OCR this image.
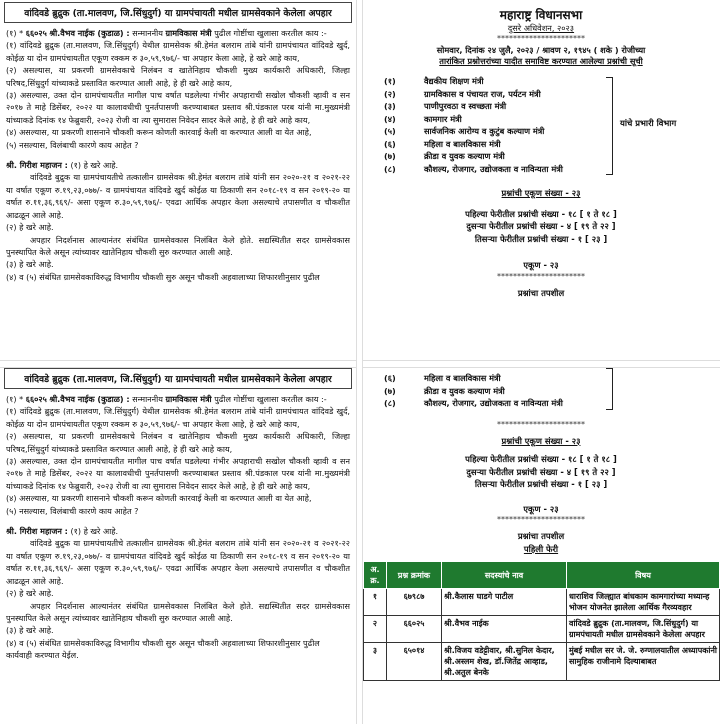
वांदिवडे ब्रुद्रुक (ता.मालवण, जि.सिंधुदुर्ग) या ग्रामपंचायती मधील ग्रामसेवकाने केलेला अपहार

(१) * ६६०२५ श्री.वैभव नाईक (कुडाळ) : सन्माननीय ग्रामविकास मंत्री पुढील गोष्टींचा खुलासा करतील काय :-

(१) वांदिवडे ब्रुद्रुक (ता.मालवण, जि.सिंधुदुर्ग) येथील ग्रामसेवक श्री.हेमंत बलराम तांबे यांनी ग्रामपंचायत वांदिवडे खुर्द, कोईळ या दोन ग्रामपंचायतीत एकूण रक्कम रु ३०,५९,९७६/- चा अपहार केला आहे, हे खरे आहे काय,

(२) असल्यास, या प्रकरणी ग्रामसेवकाचे निलंबन व खातेनिहाय चौकशी मुख्य कार्यकारी अधिकारी, जिल्हा परिषद,सिंधुदुर्ग यांच्याकडे प्रस्तावित करण्यात आली आहे, हे ही खरे आहे काय,

(३) असल्यास, उक्त दोन ग्रामपंचायतीत मागील पाच वर्षात घडलेल्या गंभीर अपहाराची सखोल चौकशी व्हावी व सन २०१७ ते माहे डिसेंबर, २०२२ या कालावधीची पुनर्तपासणी करण्याबाबत प्रस्ताव श्री.पंडकाल परब यांनी मा.मुख्यमंत्री यांच्याकडे दिनांक १४ फेब्रुवारी, २०२३ रोजी वा त्या सुमारास निवेदन सादर केले आहे, हे ही खरे आहे काय,

(४) असल्यास, या प्रकरणी शासनाने चौकशी करून कोणती कारवाई केली वा करण्यात आली वा येत आहे,

(५) नसल्यास, विलंबाची कारणे काय आहेत ?

श्री. गिरीश महाजन : (१) हे खरे आहे.

वांदिवडे बुद्रुक या ग्रामपंचायतीचे तत्कालीन ग्रामसेवक श्री.हेमंत बलराम तांबे यांनी सन २०२०-२१ व २०२१-२२ या वर्षात एकूण रु.१९,२३,०७७/- व ग्रामपंचायत वांदिवडे खुर्द कोईळ या ठिकाणी सन २०१८-१९ व सन २०१९-२० या वर्षात रु.११,३६,९६९/- असा एकूण रु.३०,५९,९७६/- एवढा आर्थिक अपहार केला असल्याचे तपासणीत व चौकशीत आढळून आले आहे.

(२) हे खरे आहे.

अपहार निदर्शनास आल्यानंतर संबंधित ग्रामसेवकास निलंबित केले होते. सद्यस्थितीत सदर ग्रामसेवकास पुनस्थापित केले असून त्यांच्यावर खातेनिहाय चौकशी सुरु करण्यात आली आहे.

(३) हे खरे आहे.

(४) व (५) संबंधित ग्रामसेवकाविरुद्ध विभागीय चौकशी सुरु असून चौकशी अहवालाच्या शिफारशीनुसार पुढील

वांदिवडे ब्रुद्रुक (ता.मालवण, जि.सिंधुदुर्ग) या ग्रामपंचायती मधील ग्रामसेवकाने केलेला अपहार

(१) * ६६०२५ श्री.वैभव नाईक (कुडाळ) : सन्माननीय ग्रामविकास मंत्री पुढील गोष्टींचा खुलासा करतील काय :-

(१) वांदिवडे ब्रुद्रुक (ता.मालवण, जि.सिंधुदुर्ग) येथील ग्रामसेवक श्री.हेमंत बलराम तांबे यांनी ग्रामपंचायत वांदिवडे खुर्द, कोईळ या दोन ग्रामपंचायतीत एकूण रक्कम रु ३०,५९,९७६/- चा अपहार केला आहे, हे खरे आहे काय,

(२) असल्यास, या प्रकरणी ग्रामसेवकाचे निलंबन व खातेनिहाय चौकशी मुख्य कार्यकारी अधिकारी, जिल्हा परिषद,सिंधुदुर्ग यांच्याकडे प्रस्तावित करण्यात आली आहे, हे ही खरे आहे काय,

(३) असल्यास, उक्त दोन ग्रामपंचायतीत मागील पाच वर्षात घडलेल्या गंभीर अपहाराची सखोल चौकशी व्हावी व सन २०१७ ते माहे डिसेंबर, २०२२ या कालावधीची पुनर्तपासणी करण्याबाबत प्रस्ताव श्री.पंडकाल परब यांनी मा.मुख्यमंत्री यांच्याकडे दिनांक १४ फेब्रुवारी, २०२३ रोजी वा त्या सुमारास निवेदन सादर केले आहे, हे ही खरे आहे काय,

(४) असल्यास, या प्रकरणी शासनाने चौकशी करून कोणती कारवाई केली वा करण्यात आली वा येत आहे,

(५) नसल्यास, विलंबाची कारणे काय आहेत ?

श्री. गिरीश महाजन : (१) हे खरे आहे.

वांदिवडे बुद्रुक या ग्रामपंचायतीचे तत्कालीन ग्रामसेवक श्री.हेमंत बलराम तांबे यांनी सन २०२०-२१ व २०२१-२२ या वर्षात एकूण रु.१९,२३,०७७/- व ग्रामपंचायत वांदिवडे खुर्द कोईळ या ठिकाणी सन २०१८-१९ व सन २०१९-२० या वर्षात रु.११,३६,९६९/- असा एकूण रु.३०,५९,९७६/- एवढा आर्थिक अपहार केला असल्याचे तपासणीत व चौकशीत आढळून आले आहे.

(२) हे खरे आहे.

अपहार निदर्शनास आल्यानंतर संबंधित ग्रामसेवकास निलंबित केले होते. सद्यस्थितीत सदर ग्रामसेवकास पुनस्थापित केले असून त्यांच्यावर खातेनिहाय चौकशी सुरु करण्यात आली आहे.

(३) हे खरे आहे.

(४) व (५) संबंधित ग्रामसेवकाविरुद्ध विभागीय चौकशी सुरु असून चौकशी अहवालाच्या शिफारशीनुसार पुढील

कार्यवाही करण्यात येईल.

महाराष्ट्र विधानसभा
दुसरे अधिवेशन, २०२३
**********************
सोमवार, दिनांक २४ जुलै, २०२३ / श्रावण २, १९४५ ( शके ) रोजीच्या
तारांकित प्रश्नोत्तरांच्या यादीत समाविष्ट करण्यात आलेल्या प्रश्नांची सूची
(१)	वैद्यकीय शिक्षण मंत्री
(२)	ग्रामविकास व पंचायत राज, पर्यटन मंत्री
(३)	पाणीपुरवठा व स्वच्छता मंत्री
(४)	कामगार मंत्री
(५)	सार्वजनिक आरोग्य व कुटुंब कल्याण मंत्री
(६)	महिला व बालविकास मंत्री
(७)	क्रीडा व युवक कल्याण मंत्री
(८)	कौशल्य, रोजगार, उद्योजकता व नाविन्यता मंत्री
यांचे प्रभारी विभाग
प्रश्नांची एकूण संख्या - २३
पहिल्या फेरीतील प्रश्नांची संख्या - १८ [ १ ते १८ ]
दुसऱ्या फेरीतील प्रश्नांची संख्या - ४ [ १९ ते २२ ]
तिसऱ्या फेरीतील प्रश्नांची संख्या - १ [ २३ ]
एकूण - २३
**********************
प्रश्नांचा तपशील
(६)	महिला व बालविकास मंत्री
(७)	क्रीडा व युवक कल्याण मंत्री
(८)	कौशल्य, रोजगार, उद्योजकता व नाविन्यता मंत्री
**********************
प्रश्नांची एकूण संख्या - २३
पहिल्या फेरीतील प्रश्नांची संख्या - १८ [ १ ते १८ ]
दुसऱ्या फेरीतील प्रश्नांची संख्या - ४ [ १९ ते २२ ]
तिसऱ्या फेरीतील प्रश्नांची संख्या - १ [ २३ ]
एकूण - २३
**********************
प्रश्नांचा तपशील
पहिली फेरी
अ. क्र.	प्रश्न क्रमांक	सदस्यांचे नाव	विषय
१	६७९८७	श्री.कैलास घाडगे पाटील	धाराशिव जिल्ह्यात बांधकाम कामगारांच्या मध्यान्ह भोजन योजनेत झालेला आर्थिक गैरव्यवहार
२	६६०२५	श्री.वैभव नाईक	वांदिवडे ब्रुद्रुक (ता.मालवण, जि.सिंधुदुर्ग) या ग्रामपंचायती मधील ग्रामसेवकाने केलेला अपहार
३	६५०१४	श्री.विजय वडेट्टीवार, श्री.सुनिल केदार, श्री.अस्लम शेख, डॉ.जितेंद्र आव्हाड, श्री.अतुल बेनके	मुंबई मधील सर जे. जे. रुग्णालयातील अध्यापकांनी सामुहिक राजीनामे दिल्याबाबत
